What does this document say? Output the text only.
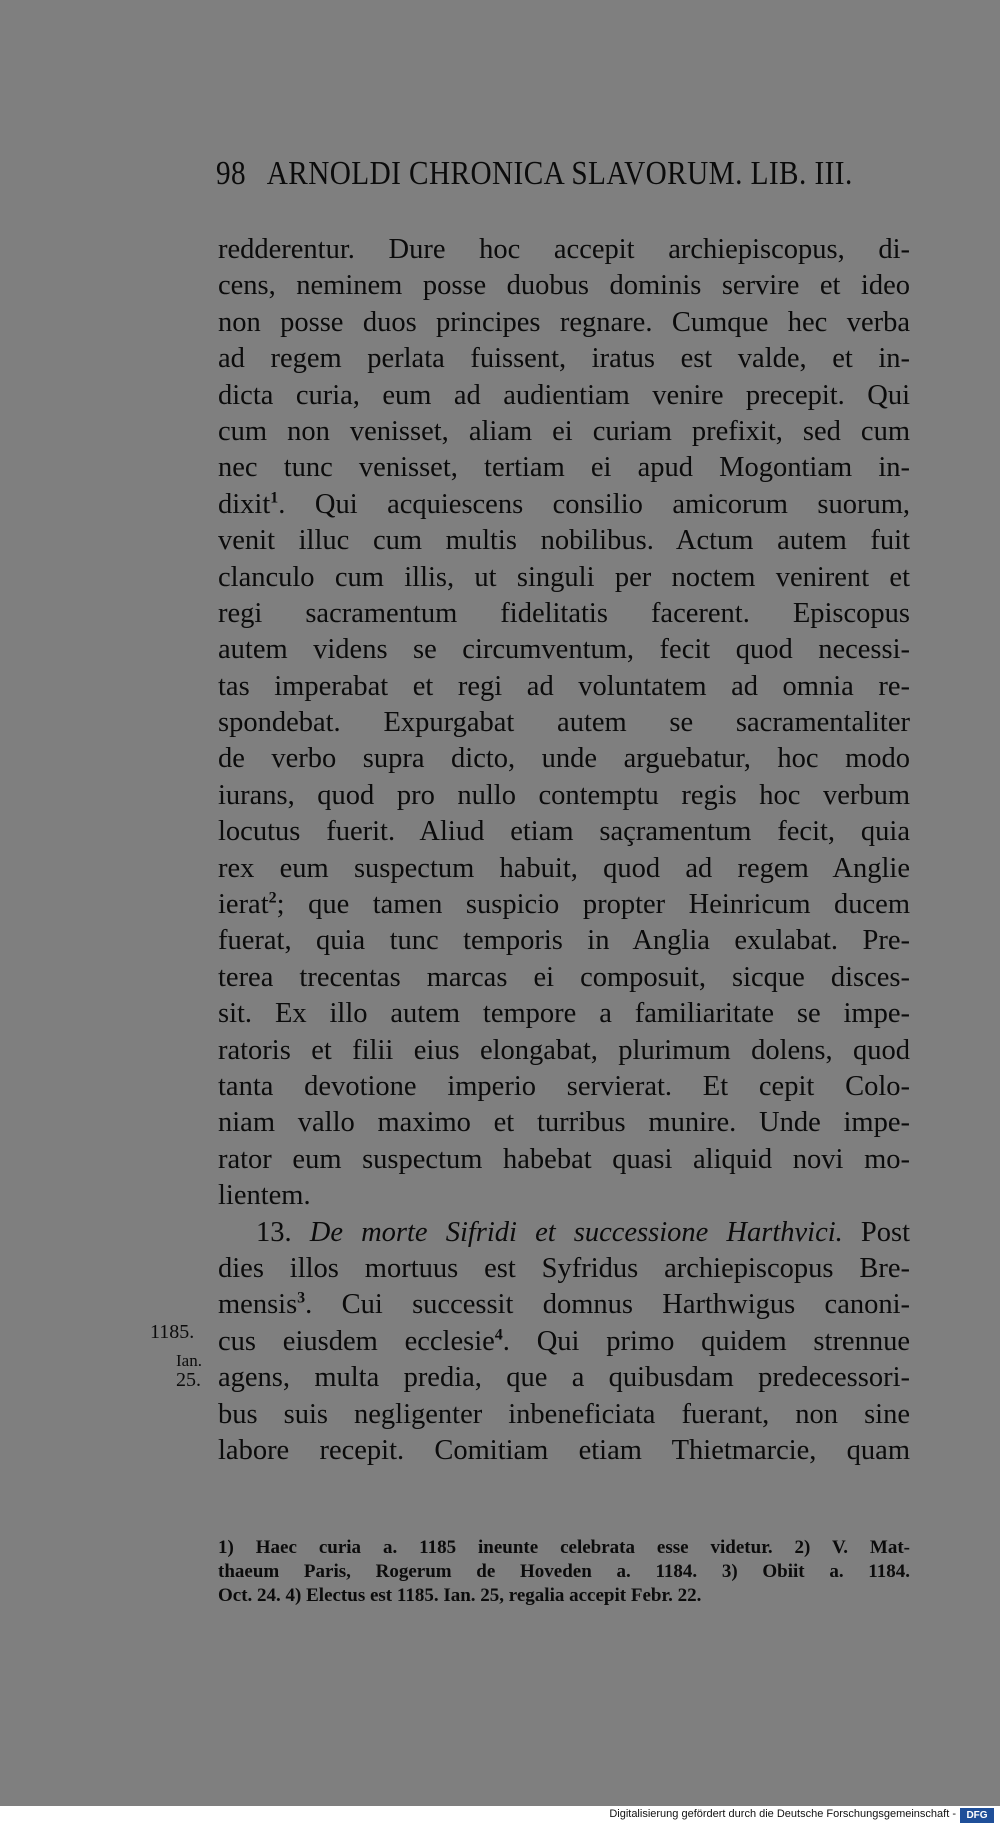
98 ARNOLDI CHRONICA SLAVORUM. LIB. III.
redderentur. Dure hoc accepit archiepiscopus, di-
cens, neminem posse duobus dominis servire et ideo
non posse duos principes regnare. Cumque hec verba
ad regem perlata fuissent, iratus est valde, et in-
dicta curia, eum ad audientiam venire precepit. Qui
cum non venisset, aliam ei curiam prefixit, sed cum
nec tunc venisset, tertiam ei apud Mogontiam in-
dixit$^1$. Qui acquiescens consilio amicorum suorum,
venit illuc cum multis nobilibus. Actum autem fuit
clanculo cum illis, ut singuli per noctem venirent et
regi sacramentum fidelitatis facerent. Episcopus
autem videns se circumventum, fecit quod necessi-
tas imperabat et regi ad voluntatem ad omnia re-
spondebat. Expurgabat autem se sacramentaliter
de verbo supra dicto, unde arguebatur, hoc modo
iurans, quod pro nullo contemptu regis hoc verbum
locutus fuerit. Aliud etiam saçramentum fecit, quia
rex eum suspectum habuit, quod ad regem Anglie
ierat$^2$; que tamen suspicio propter Heinricum ducem
fuerat, quia tunc temporis in Anglia exulabat. Pre-
terea trecentas marcas ei composuit, sicque disces-
sit. Ex illo autem tempore a familiaritate se impe-
ratoris et filii eius elongabat, plurimum dolens, quod
tanta devotione imperio servierat. Et cepit Colo-
niam vallo maximo et turribus munire. Unde impe-
rator eum suspectum habebat quasi aliquid novi mo-
lientem.
13. De morte Sifridi et successione Harthvici. Post
dies illos mortuus est Syfridus archiepiscopus Bre-
mensis$^3$. Cui successit domnus Harthwigus canoni-
cus eiusdem ecclesie$^4$. Qui primo quidem strennue
agens, multa predia, que a quibusdam predecessori-
bus suis negligenter inbeneficiata fuerant, non sine
labore recepit. Comitiam etiam Thietmarcie, quam
1185.
Ian.
25.
1) Haec curia a. 1185 ineunte celebrata esse videtur. 2) V. Mat-
thaeum Paris, Rogerum de Hoveden a. 1184. 3) Obiit a. 1184.
Oct. 24. 4) Electus est 1185. Ian. 25, regalia accepit Febr. 22.
Digitalisierung gefördert durch die Deutsche Forschungsgemeinschaft -	DFG
